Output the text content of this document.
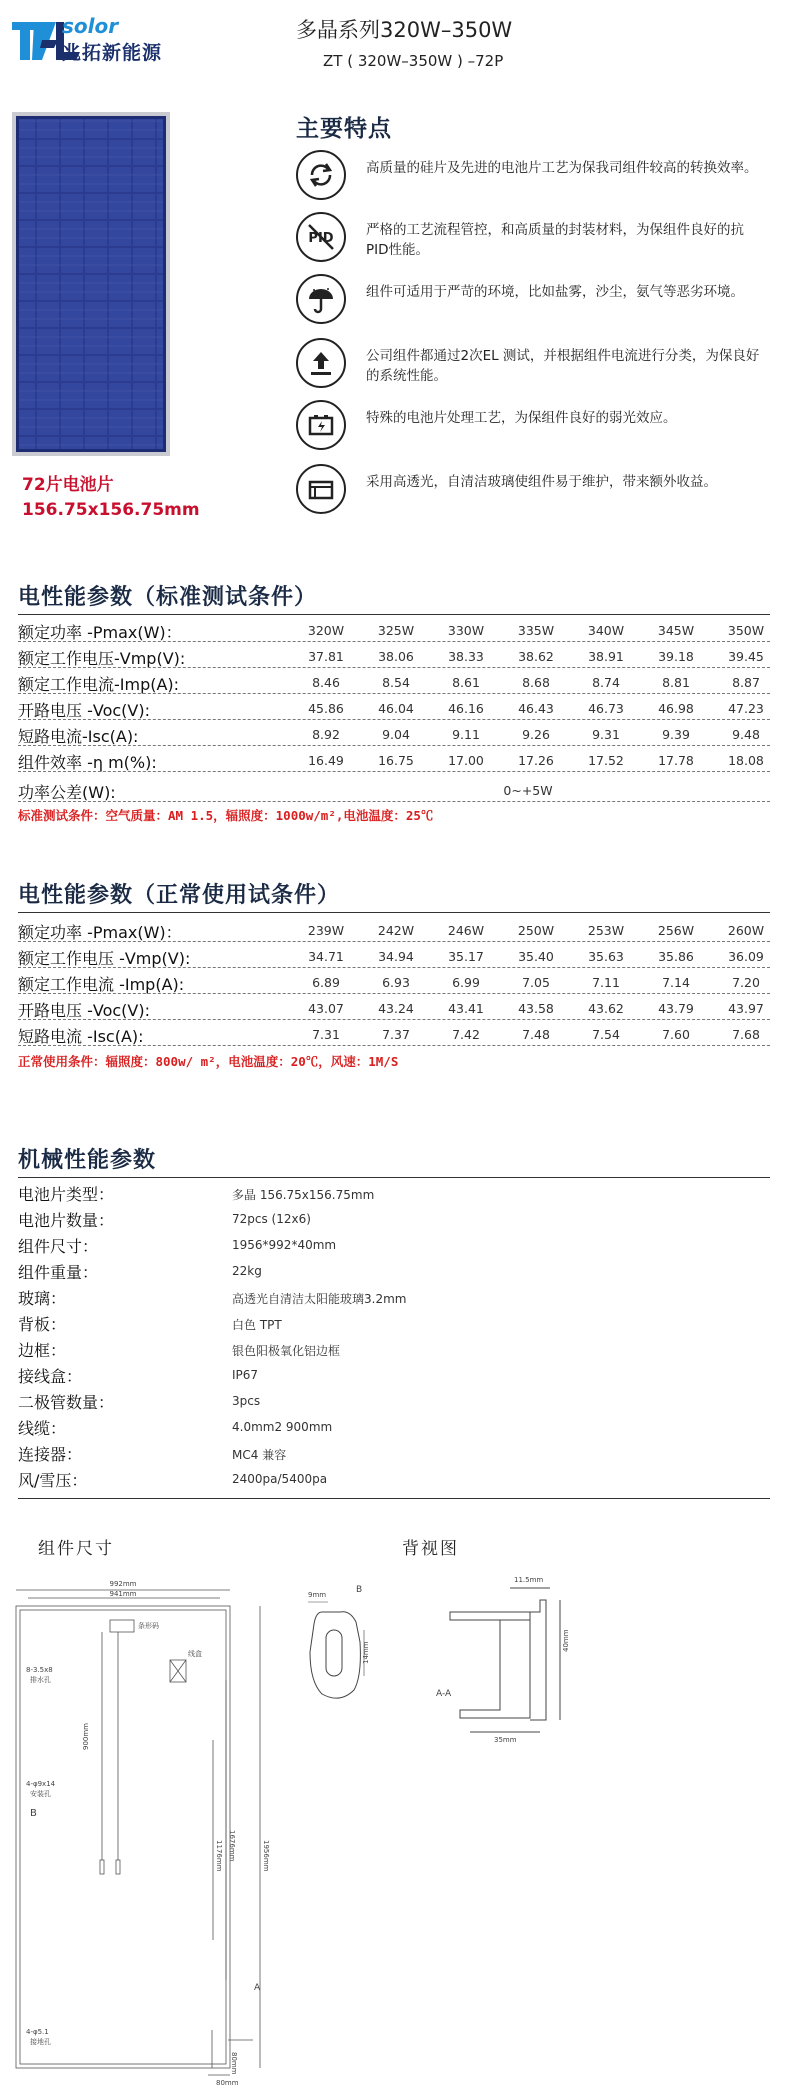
solor
兆拓新能源
多晶系列320W–350W
ZT ( 320W–350W ) –72P
72片电池片
156.75x156.75mm
主要特点
高质量的硅片及先进的电池片工艺为保我司组件较高的转换效率。
PID
严格的工艺流程管控，和高质量的封装材料，为保组件良好的抗PID性能。
组件可适用于严苛的环境，比如盐雾，沙尘，氨气等恶劣环境。
公司组件都通过2次EL 测试，并根据组件电流进行分类，为保良好的系统性能。
特殊的电池片处理工艺，为保组件良好的弱光效应。
采用高透光，自清洁玻璃使组件易于维护，带来额外收益。
电性能参数（标准测试条件）
额定功率 -Pmax(W)：	320W	325W	330W	335W	340W	345W	350W
额定工作电压-Vmp(V):	37.81	38.06	38.33	38.62	38.91	39.18	39.45
额定工作电流-Imp(A):	8.46	8.54	8.61	8.68	8.74	8.81	8.87
开路电压 -Voc(V):	45.86	46.04	46.16	46.43	46.73	46.98	47.23
短路电流-Isc(A):	8.92	9.04	9.11	9.26	9.31	9.39	9.48
组件效率 -η m(%):	16.49	16.75	17.00	17.26	17.52	17.78	18.08
功率公差(W):	0~+5W
标准测试条件：空气质量：AM 1.5，辐照度：1000w/m²,电池温度：25℃
电性能参数（正常使用试条件）
额定功率 -Pmax(W)：	239W	242W	246W	250W	253W	256W	260W
额定工作电压 -Vmp(V):	34.71	34.94	35.17	35.40	35.63	35.86	36.09
额定工作电流 -Imp(A):	6.89	6.93	6.99	7.05	7.11	7.14	7.20
开路电压 -Voc(V):	43.07	43.24	43.41	43.58	43.62	43.79	43.97
短路电流 -Isc(A):	7.31	7.37	7.42	7.48	7.54	7.60	7.68
正常使用条件：辐照度：800w/ m²，电池温度：20℃，风速：1M/S
机械性能参数
电池片类型：	多晶 156.75x156.75mm
电池片数量：	72pcs (12x6)
组件尺寸：	1956*992*40mm
组件重量：	22kg
玻璃：	高透光自清洁太阳能玻璃3.2mm
背板：	白色 TPT
边框：	银色阳极氧化铝边框
接线盒：	IP67
二极管数量：	3pcs
线缆：	4.0mm2 900mm
连接器：	MC4 兼容
风/雪压：	2400pa/5400pa
组件尺寸	背视图
992mm
941mm
8-3.5x8
排水孔
4-φ9x14
安装孔
B
4-φ5.1
接地孔
条形码
线盒
900mm
1956mm
1676mm
1176mm
A
80mm
80mm
9mm	B
14mm
11.5mm
40mm
A-A
35mm
